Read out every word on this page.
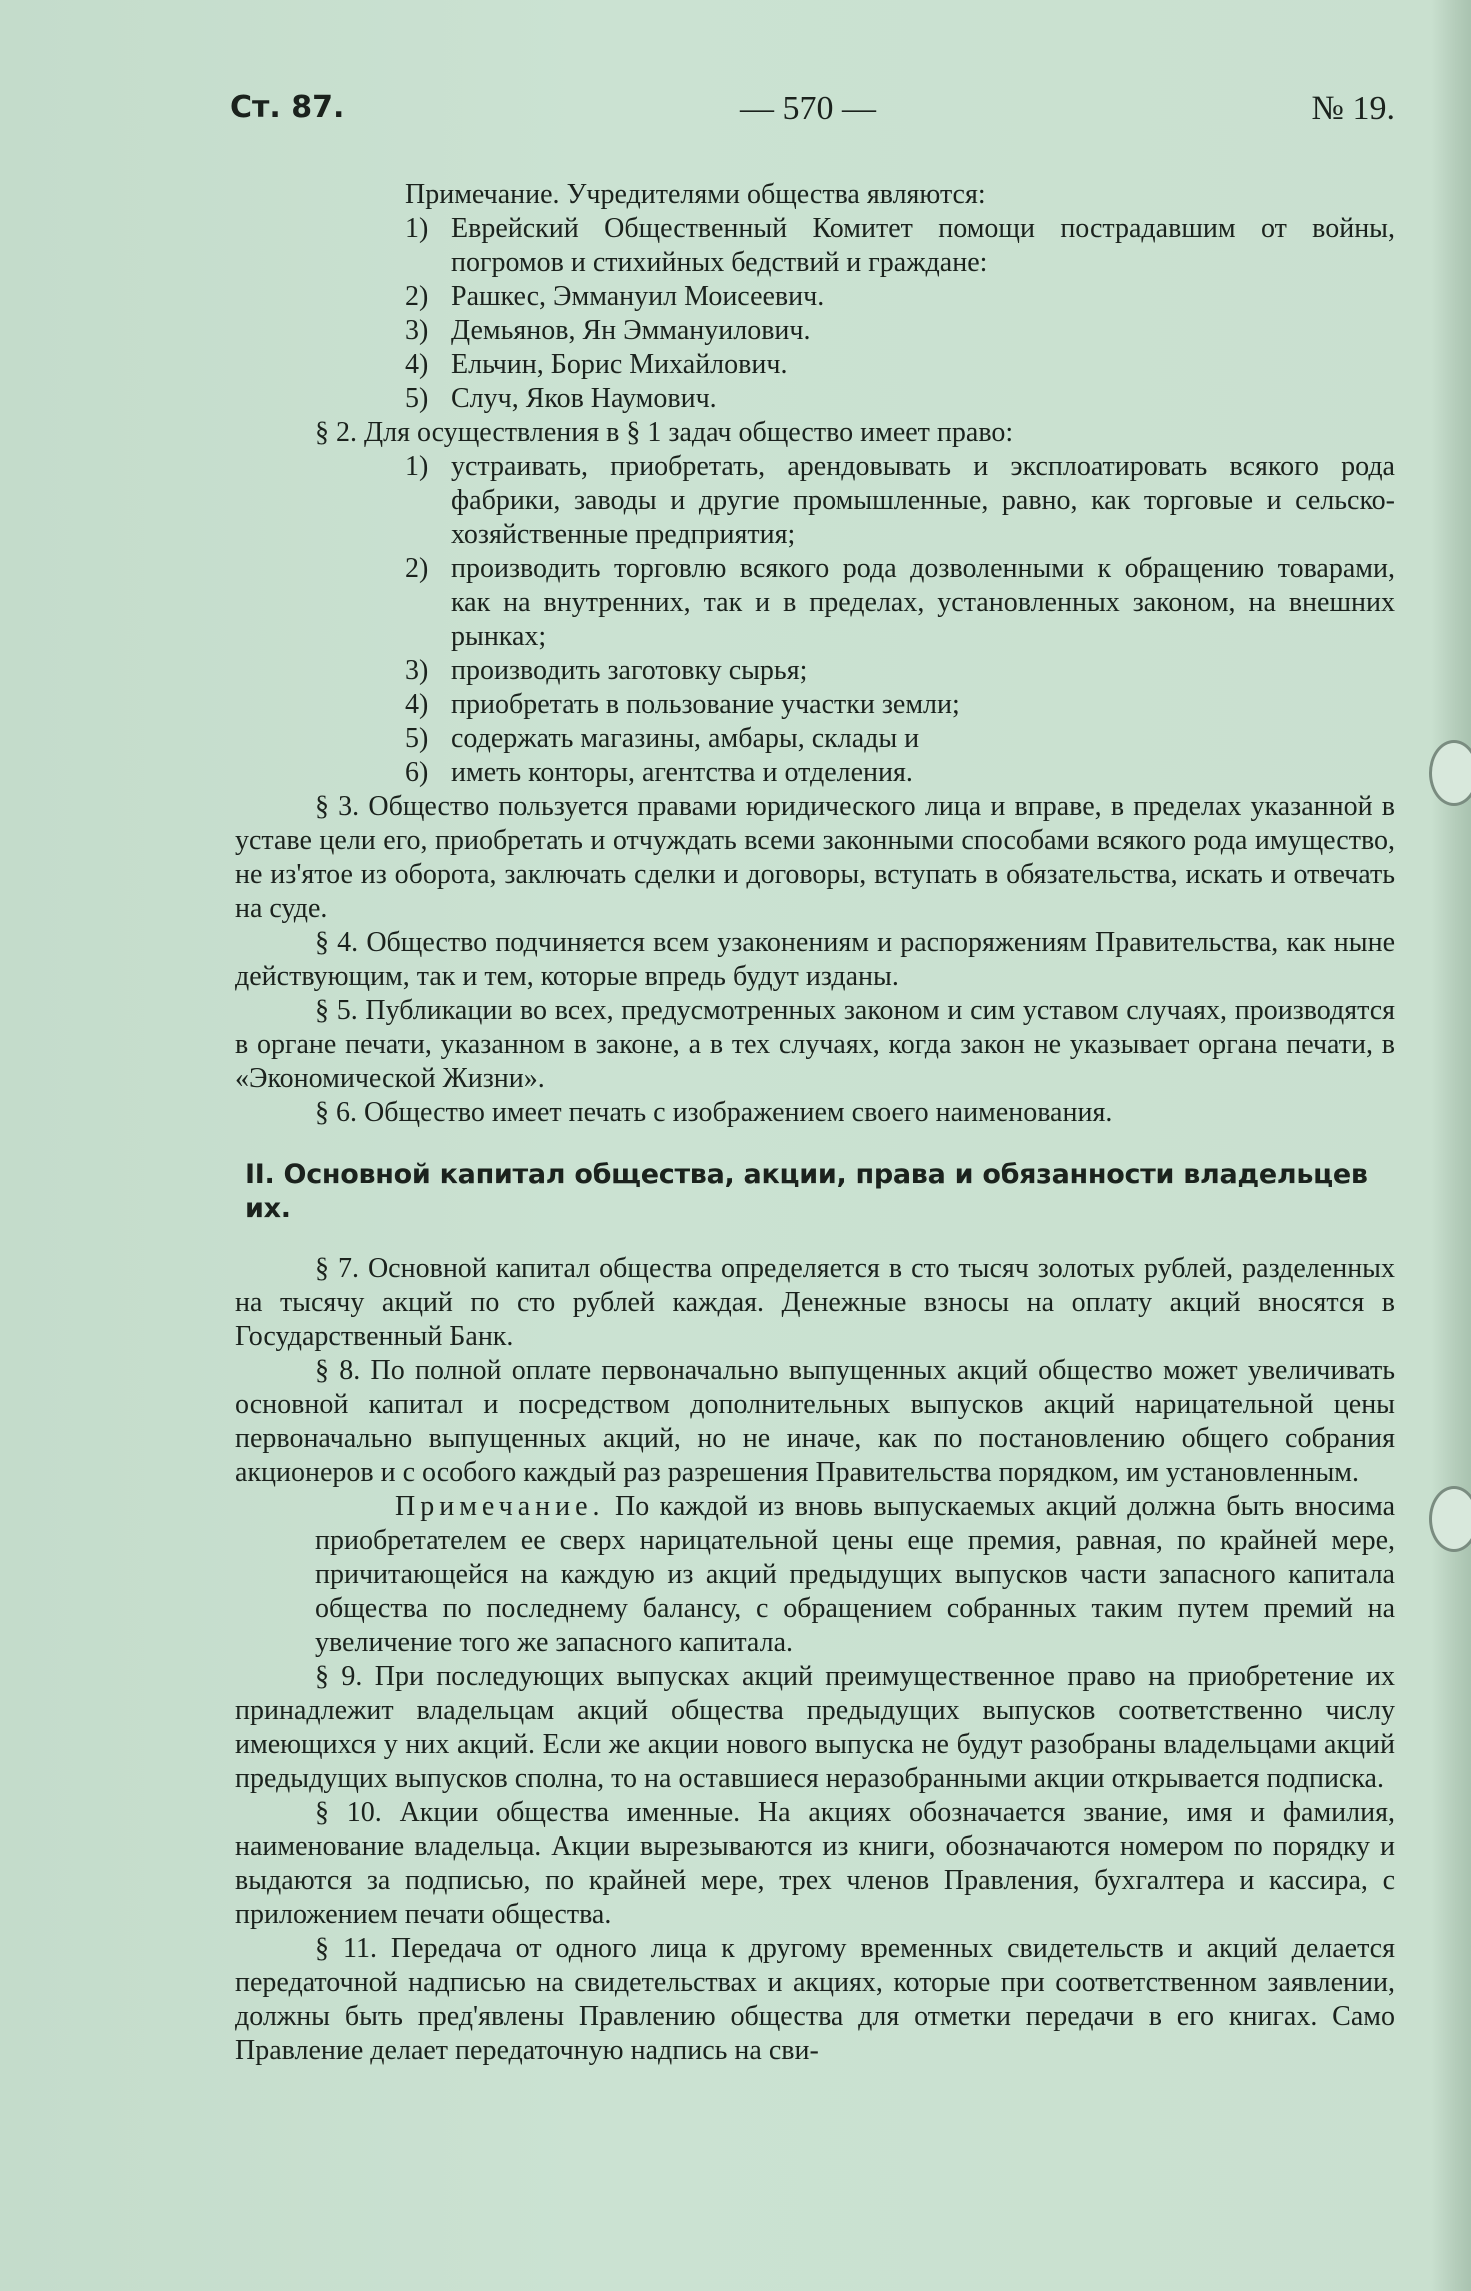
Ст. 87.	— 570 —	№ 19.

Примечание. Учредителями общества являются:

1) Еврейский Общественный Комитет помощи пострадавшим от войны, погромов и стихийных бедствий и граждане:
2) Рашкес, Эммануил Моисеевич.
3) Демьянов, Ян Эммануилович.
4) Ельчин, Борис Михайлович.
5) Случ, Яков Наумович.

§ 2. Для осуществления в § 1 задач общество имеет право:

1) устраивать, приобретать, арендовывать и эксплоатировать всякого рода фабрики, заводы и другие промышленные, равно, как торговые и сельско-хозяйственные предприятия;
2) производить торговлю всякого рода дозволенными к обращению товарами, как на внутренних, так и в пределах, установленных законом, на внешних рынках;
3) производить заготовку сырья;
4) приобретать в пользование участки земли;
5) содержать магазины, амбары, склады и
6) иметь конторы, агентства и отделения.

§ 3. Общество пользуется правами юридического лица и вправе, в пределах указанной в уставе цели его, приобретать и отчуждать всеми законными способами всякого рода имущество, не из'ятое из оборота, заключать сделки и договоры, вступать в обязательства, искать и отвечать на суде.

§ 4. Общество подчиняется всем узаконениям и распоряжениям Правительства, как ныне действующим, так и тем, которые впредь будут изданы.

§ 5. Публикации во всех, предусмотренных законом и сим уставом случаях, производятся в органе печати, указанном в законе, а в тех случаях, когда закон не указывает органа печати, в «Экономической Жизни».

§ 6. Общество имеет печать с изображением своего наименования.

II. Основной капитал общества, акции, права и обязанности владельцев их.

§ 7. Основной капитал общества определяется в сто тысяч золотых рублей, разделенных на тысячу акций по сто рублей каждая. Денежные взносы на оплату акций вносятся в Государственный Банк.

§ 8. По полной оплате первоначально выпущенных акций общество может увеличивать основной капитал и посредством дополнительных выпусков акций нарицательной цены первоначально выпущенных акций, но не иначе, как по постановлению общего собрания акционеров и с особого каждый раз разрешения Правительства порядком, им установленным.

Примечание. По каждой из вновь выпускаемых акций должна быть вносима приобретателем ее сверх нарицательной цены еще премия, равная, по крайней мере, причитающейся на каждую из акций предыдущих выпусков части запасного капитала общества по последнему балансу, с обращением собранных таким путем премий на увеличение того же запасного капитала.

§ 9. При последующих выпусках акций преимущественное право на приобретение их принадлежит владельцам акций общества предыдущих выпусков соответственно числу имеющихся у них акций. Если же акции нового выпуска не будут разобраны владельцами акций предыдущих выпусков сполна, то на оставшиеся неразобранными акции открывается подписка.

§ 10. Акции общества именные. На акциях обозначается звание, имя и фамилия, наименование владельца. Акции вырезываются из книги, обозначаются номером по порядку и выдаются за подписью, по крайней мере, трех членов Правления, бухгалтера и кассира, с приложением печати общества.

§ 11. Передача от одного лица к другому временных свидетельств и акций делается передаточной надписью на свидетельствах и акциях, которые при соответственном заявлении, должны быть пред'явлены Правлению общества для отметки передачи в его книгах. Само Правление делает передаточную надпись на сви-
